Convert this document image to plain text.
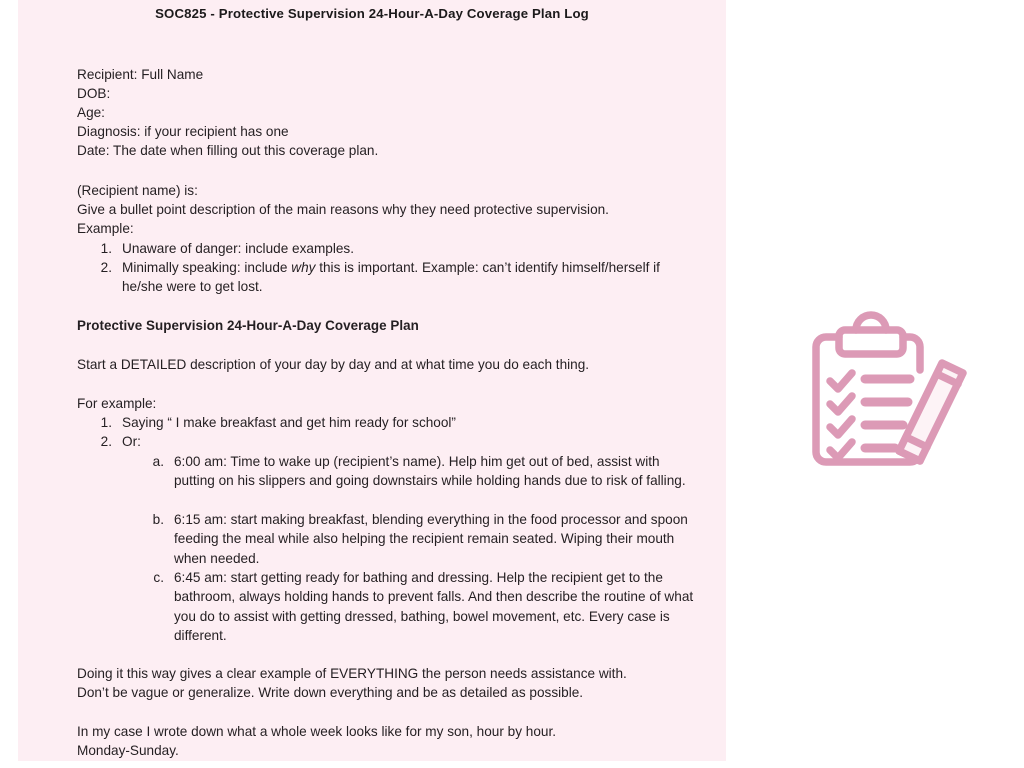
SOC825 - Protective Supervision 24-Hour-A-Day Coverage Plan Log
Recipient: Full Name
DOB:
Age:
Diagnosis: if your recipient has one
Date: The date when filling out this coverage plan.
(Recipient name) is:
Give a bullet point description of the main reasons why they need protective supervision.
Example:
1. Unaware of danger: include examples.
2. Minimally speaking: include why this is important. Example: can’t identify himself/herself if he/she were to get lost.
Protective Supervision 24-Hour-A-Day Coverage Plan
Start a DETAILED description of your day by day and at what time you do each thing.
For example:
1. Saying “ I make breakfast and get him ready for school”
2. Or:
a. 6:00 am: Time to wake up (recipient’s name). Help him get out of bed, assist with putting on his slippers and going downstairs while holding hands due to risk of falling.
b. 6:15 am: start making breakfast, blending everything in the food processor and spoon feeding the meal while also helping the recipient remain seated. Wiping their mouth when needed.
c. 6:45 am: start getting ready for bathing and dressing. Help the recipient get to the bathroom, always holding hands to prevent falls. And then describe the routine of what you do to assist with getting dressed, bathing, bowel movement, etc. Every case is different.
Doing it this way gives a clear example of EVERYTHING the person needs assistance with.
Don’t be vague or generalize. Write down everything and be as detailed as possible.
In my case I wrote down what a whole week looks like for my son, hour by hour.
Monday-Sunday.
